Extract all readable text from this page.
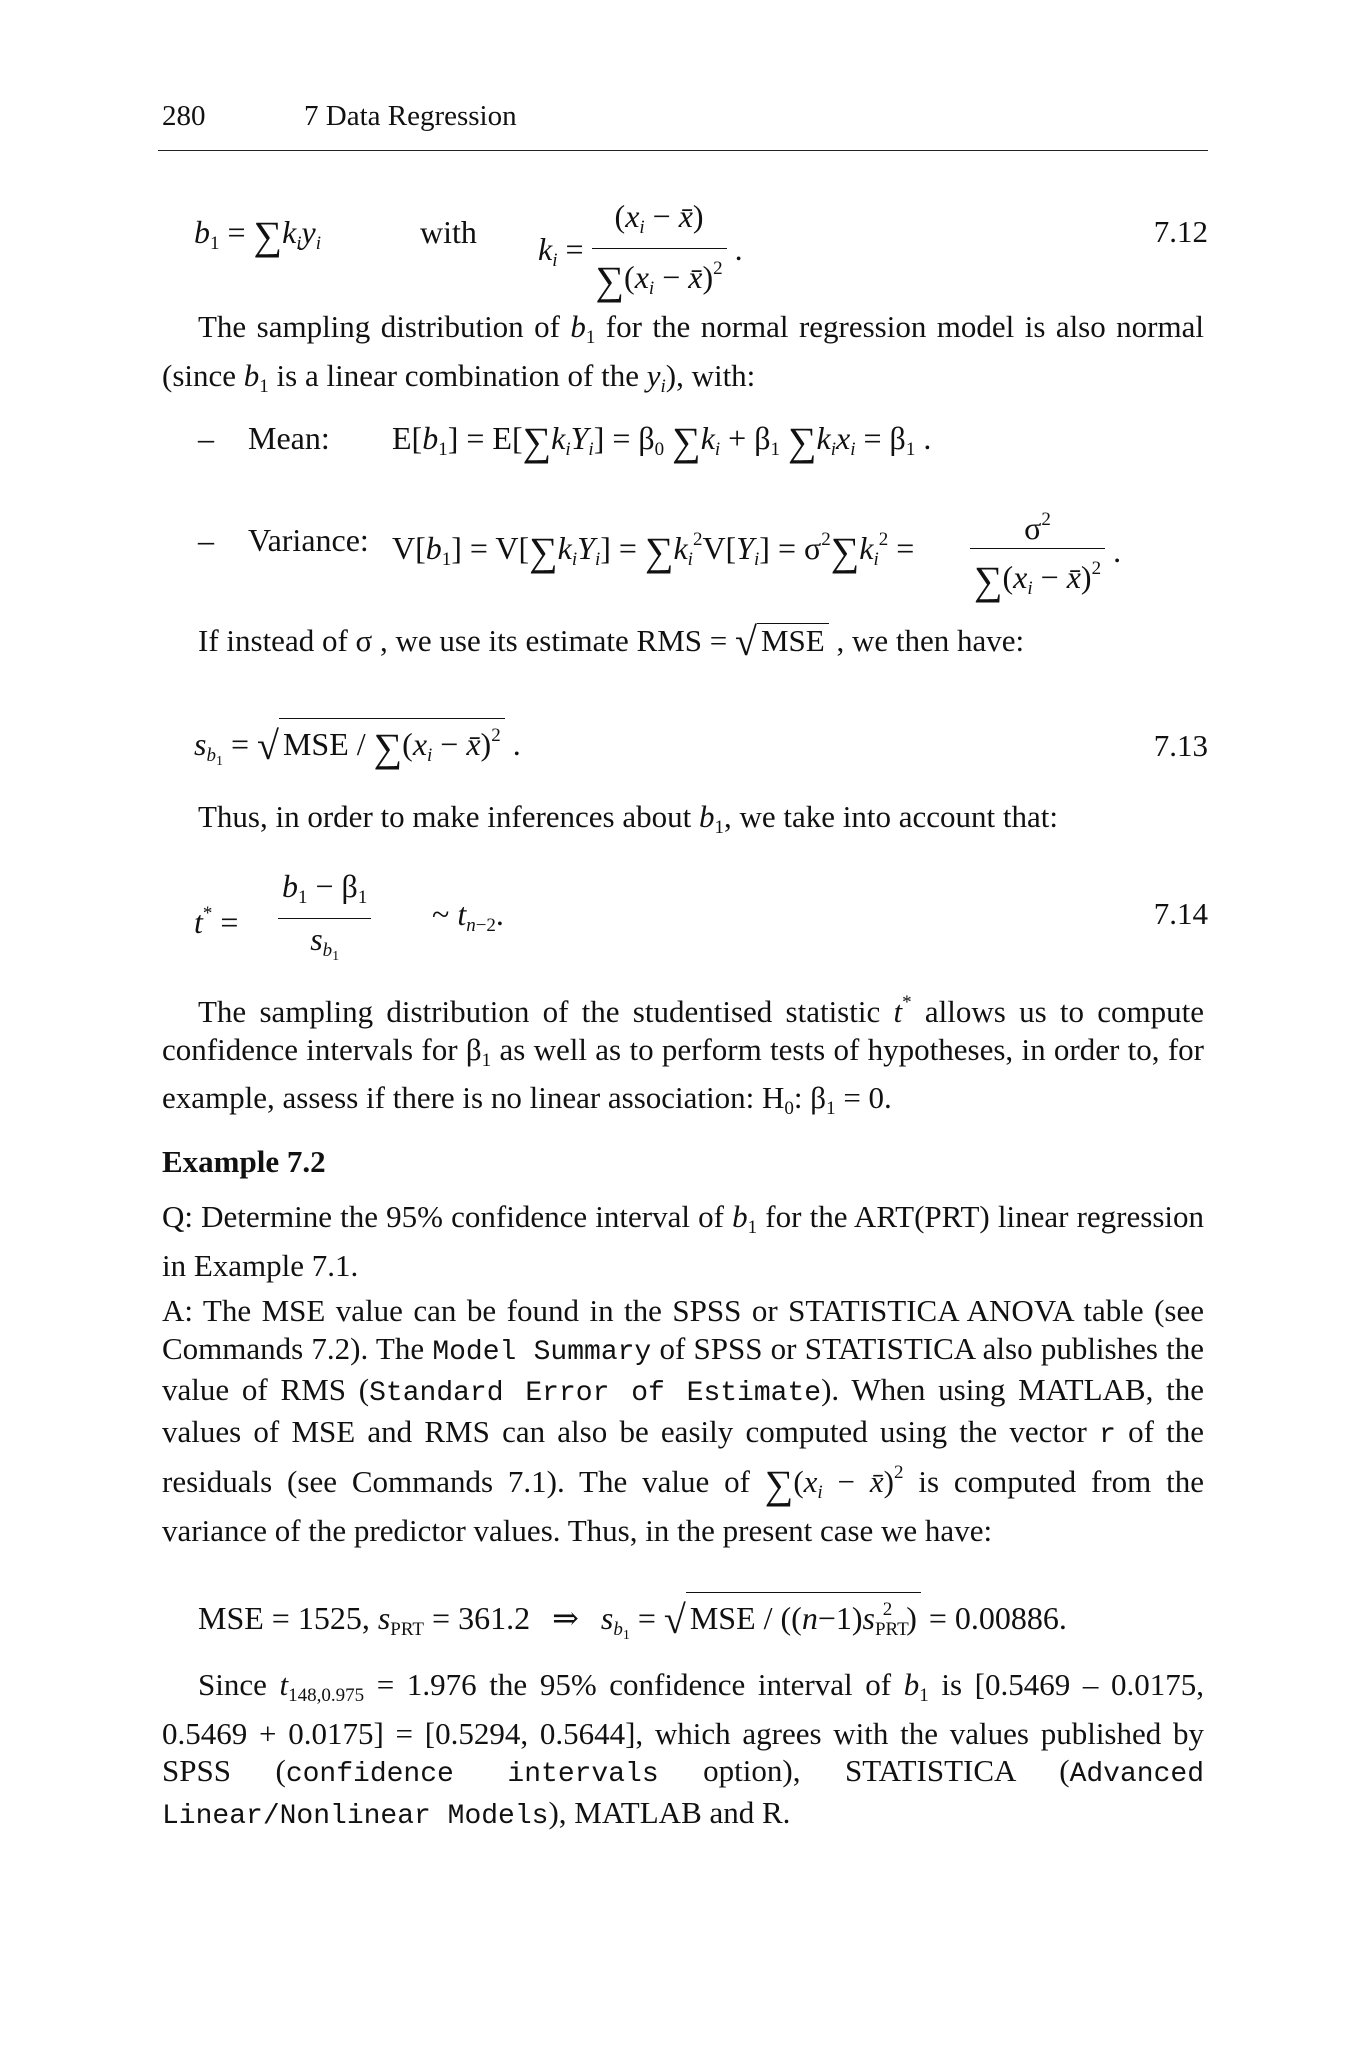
280	7 Data Regression
$b_1$ = ∑kiyi	with ki = $\frac{(xi - x̄)}{\sum(xi - x̄)^2}$ .	7.12

The sampling distribution of $b_1$ for the normal regression model is also normal (since $b_1$ is a linear combination of the yi), with:

– Mean: $E[b_1]$ = E[∑kiYi] = $\beta_0$ $\sum ki + \beta_1$ ∑kixi = $\beta_1$ .
– Variance: $V[b_1]$ = V[∑kiYi] = $\sum ki^2V[Yi] = \sigma^2\sum ki^2 = \frac{\sigma^2}{\sum(xi - x̄)^2}$ .

If instead of σ , we use its estimate RMS = √ MSE , we then have:

$sb_1$ = √ MSE / ∑(xi − x̄)$^2$ .	7.13

Thus, in order to make inferences about $b_1$, we take into account that:

$t^* = \frac{b_1 - \beta_1}{sb_1}$ ~ $tn_{-2}$.	7.14

The sampling distribution of the studentised statistic t* allows us to compute confidence intervals for $\beta_1$ as well as to perform tests of hypotheses, in order to, for example, assess if there is no linear association: $H_0$: $\beta_1 = 0$.

Example 7.2

Q: Determine the 95% confidence interval of $b_1$ for the ART(PRT) linear regression in Example 7.1.

A: The MSE value can be found in the SPSS or STATISTICA ANOVA table (see Commands 7.2). The Model Summary of SPSS or STATISTICA also publishes the value of RMS (Standard Error of Estimate). When using MATLAB, the values of MSE and RMS can also be easily computed using the vector r of the residuals (see Commands 7.1). The value of ∑(xi − x̄)$^2$ is computed from the variance of the predictor values. Thus, in the present case we have:

MSE = 1525, $s_{PRT} = 361.2$ ⇒ $sb_1$ = √ MSE / ($(n-1)s_{PRT}^2$ ) = 0.00886.

Since $t_{148,0.975} = 1.976$ the 95% confidence interval of $b_1$ is [0.5469 – 0.0175, 0.5469 + 0.0175] = [0.5294, 0.5644], which agrees with the values published by SPSS (confidence intervals option), STATISTICA (Advanced Linear/Nonlinear Models), MATLAB and R.
